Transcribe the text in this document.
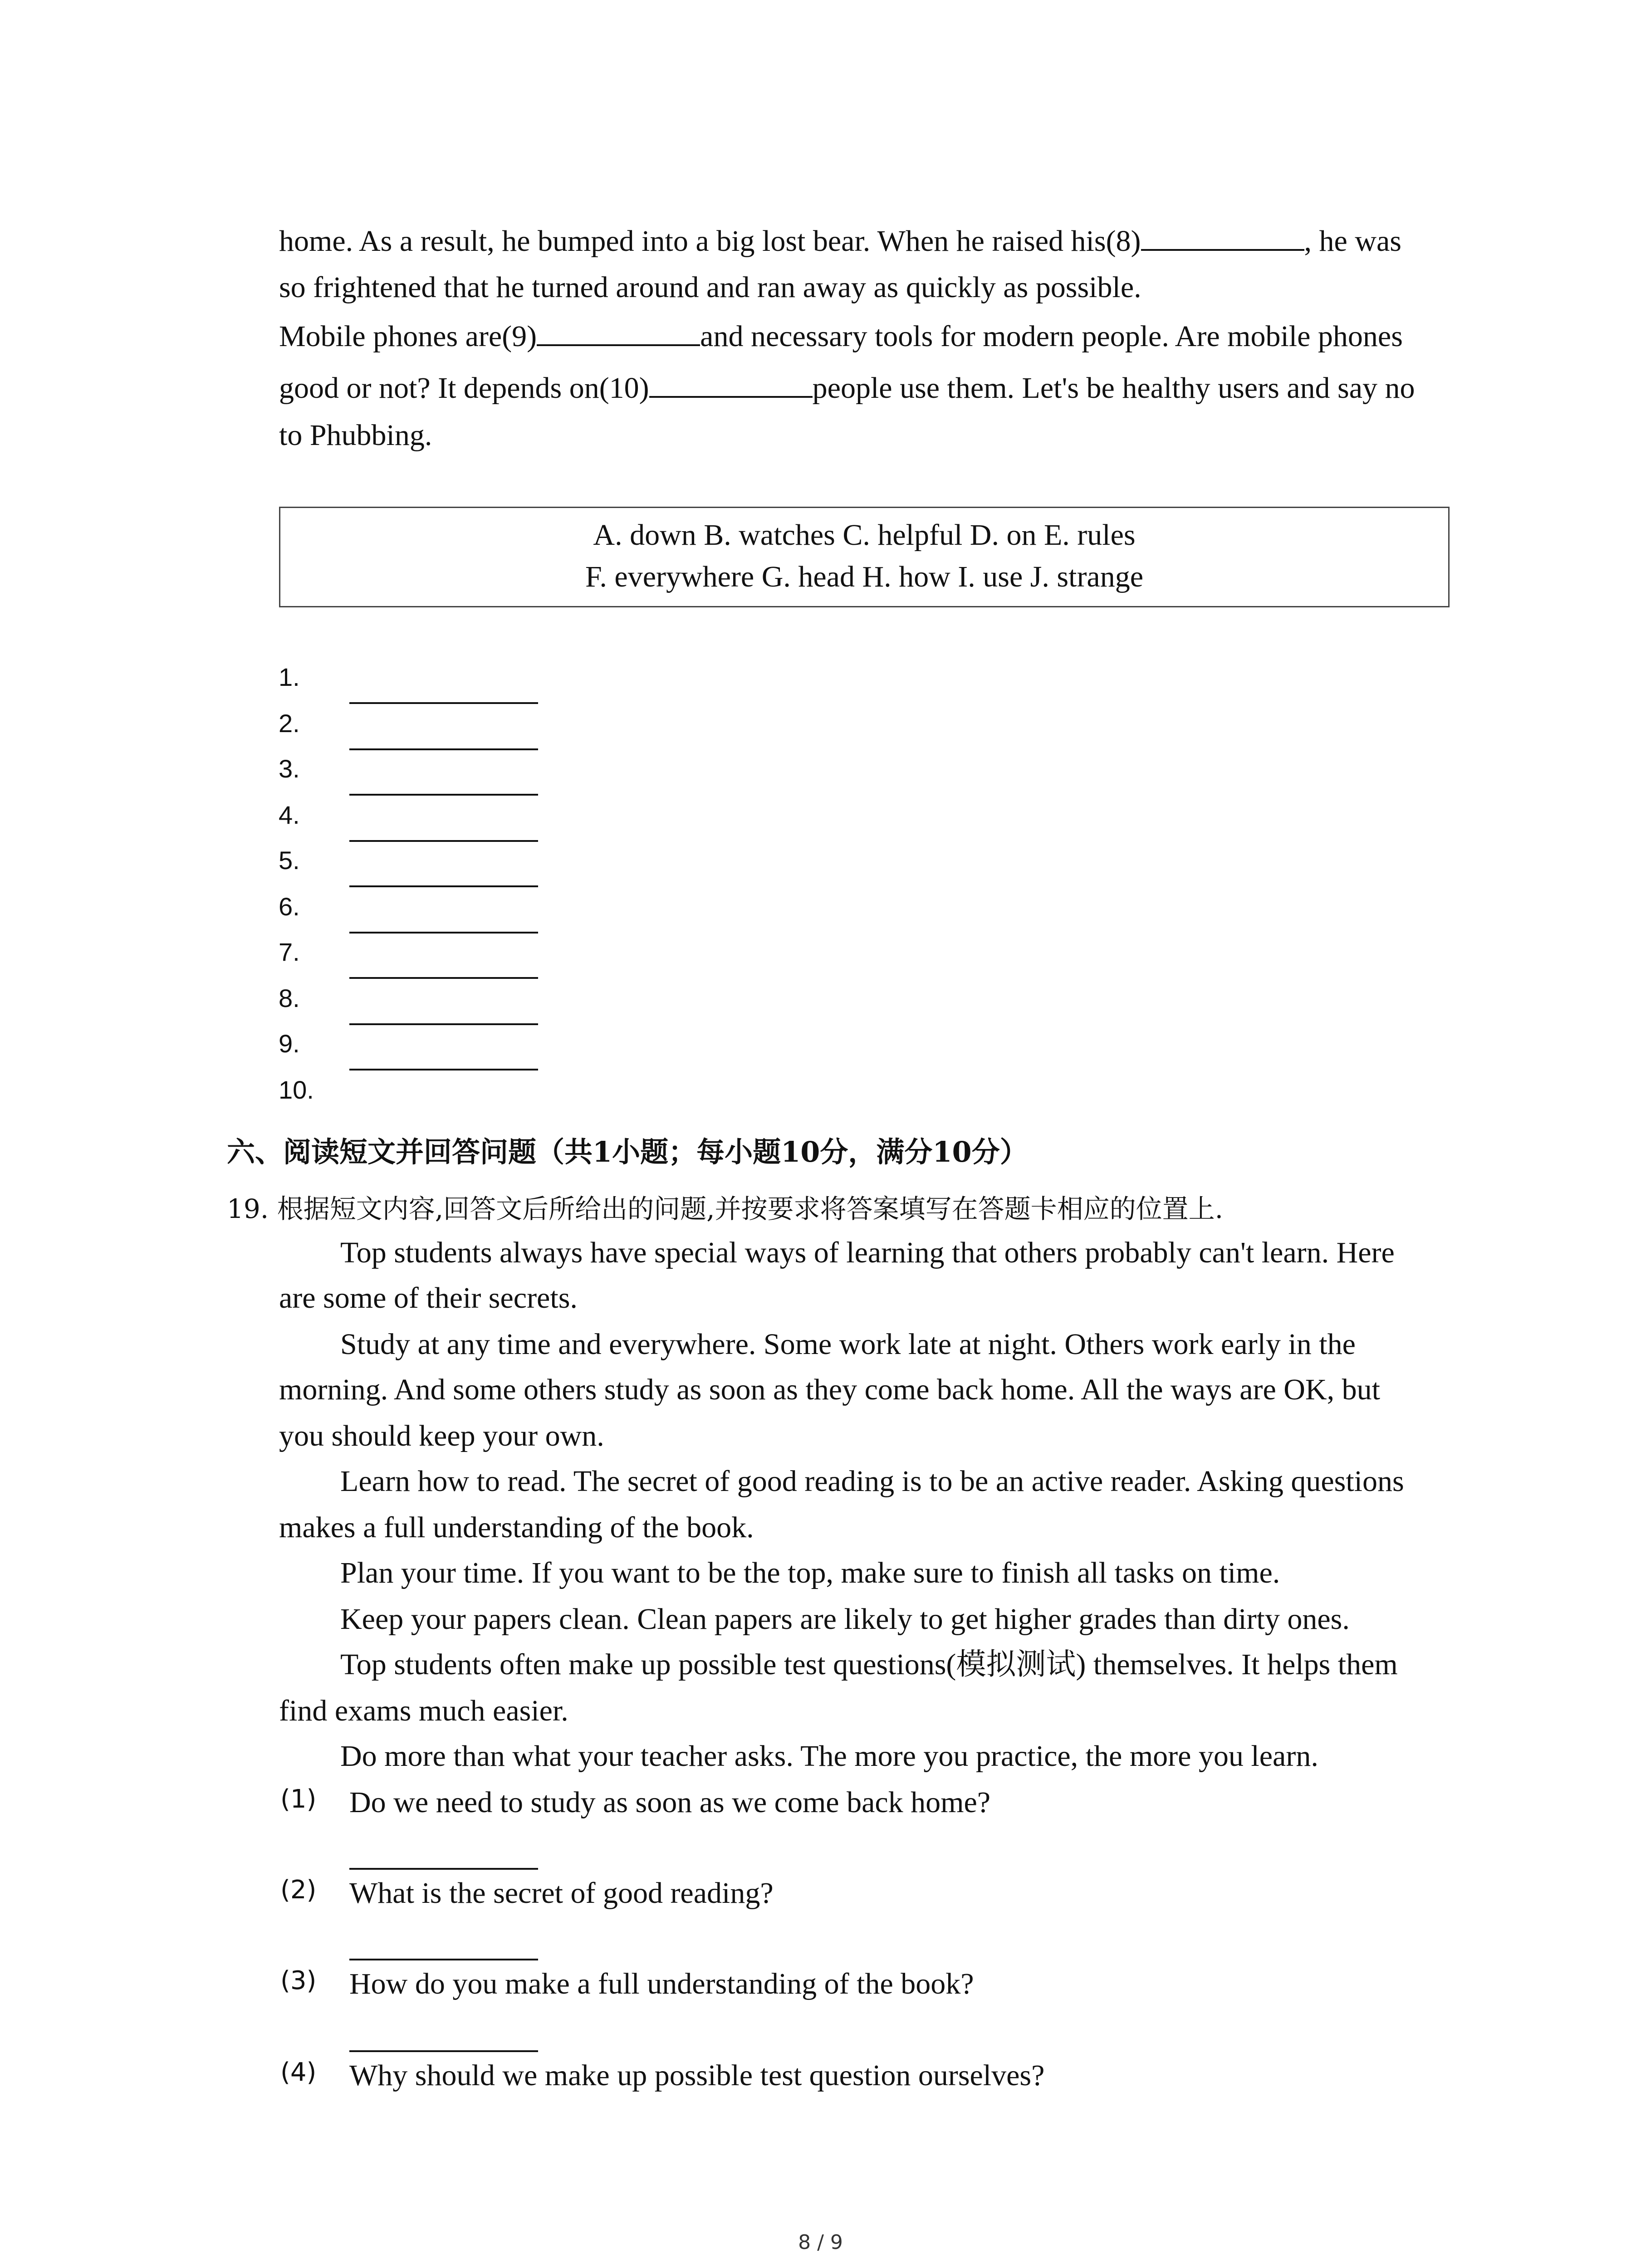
home. As a result, he bumped into a big lost bear. When he raised his(8)	, he was
so frightened that he turned around and ran away as quickly as possible.
Mobile phones are(9)	and necessary tools for modern people. Are mobile phones
good or not? It depends on(10)	people use them. Let's be healthy users and say no
to Phubbing.
A. down B. watches C. helpful D. on E. rules
F. everywhere G. head H. how I. use J. strange
1.
2.
3.
4.
5.
6.
7.
8.
9.
10.
六、阅读短文并回答问题（共1小题；每小题10分，满分10分）
19. 根据短文内容,回答文后所给出的问题,并按要求将答案填写在答题卡相应的位置上.
Top students always have special ways of learning that others probably can't learn. Here
are some of their secrets.
Study at any time and everywhere. Some work late at night. Others work early in the
morning. And some others study as soon as they come back home. All the ways are OK, but
you should keep your own.
Learn how to read. The secret of good reading is to be an active reader. Asking questions
makes a full understanding of the book.
Plan your time. If you want to be the top, make sure to finish all tasks on time.
Keep your papers clean. Clean papers are likely to get higher grades than dirty ones.
Top students often make up possible test questions(模拟测试) themselves. It helps them
find exams much easier.
Do more than what your teacher asks. The more you practice, the more you learn.
(1) Do we need to study as soon as we come back home?
(2) What is the secret of good reading?
(3) How do you make a full understanding of the book?
(4) Why should we make up possible test question ourselves?
8 / 9
